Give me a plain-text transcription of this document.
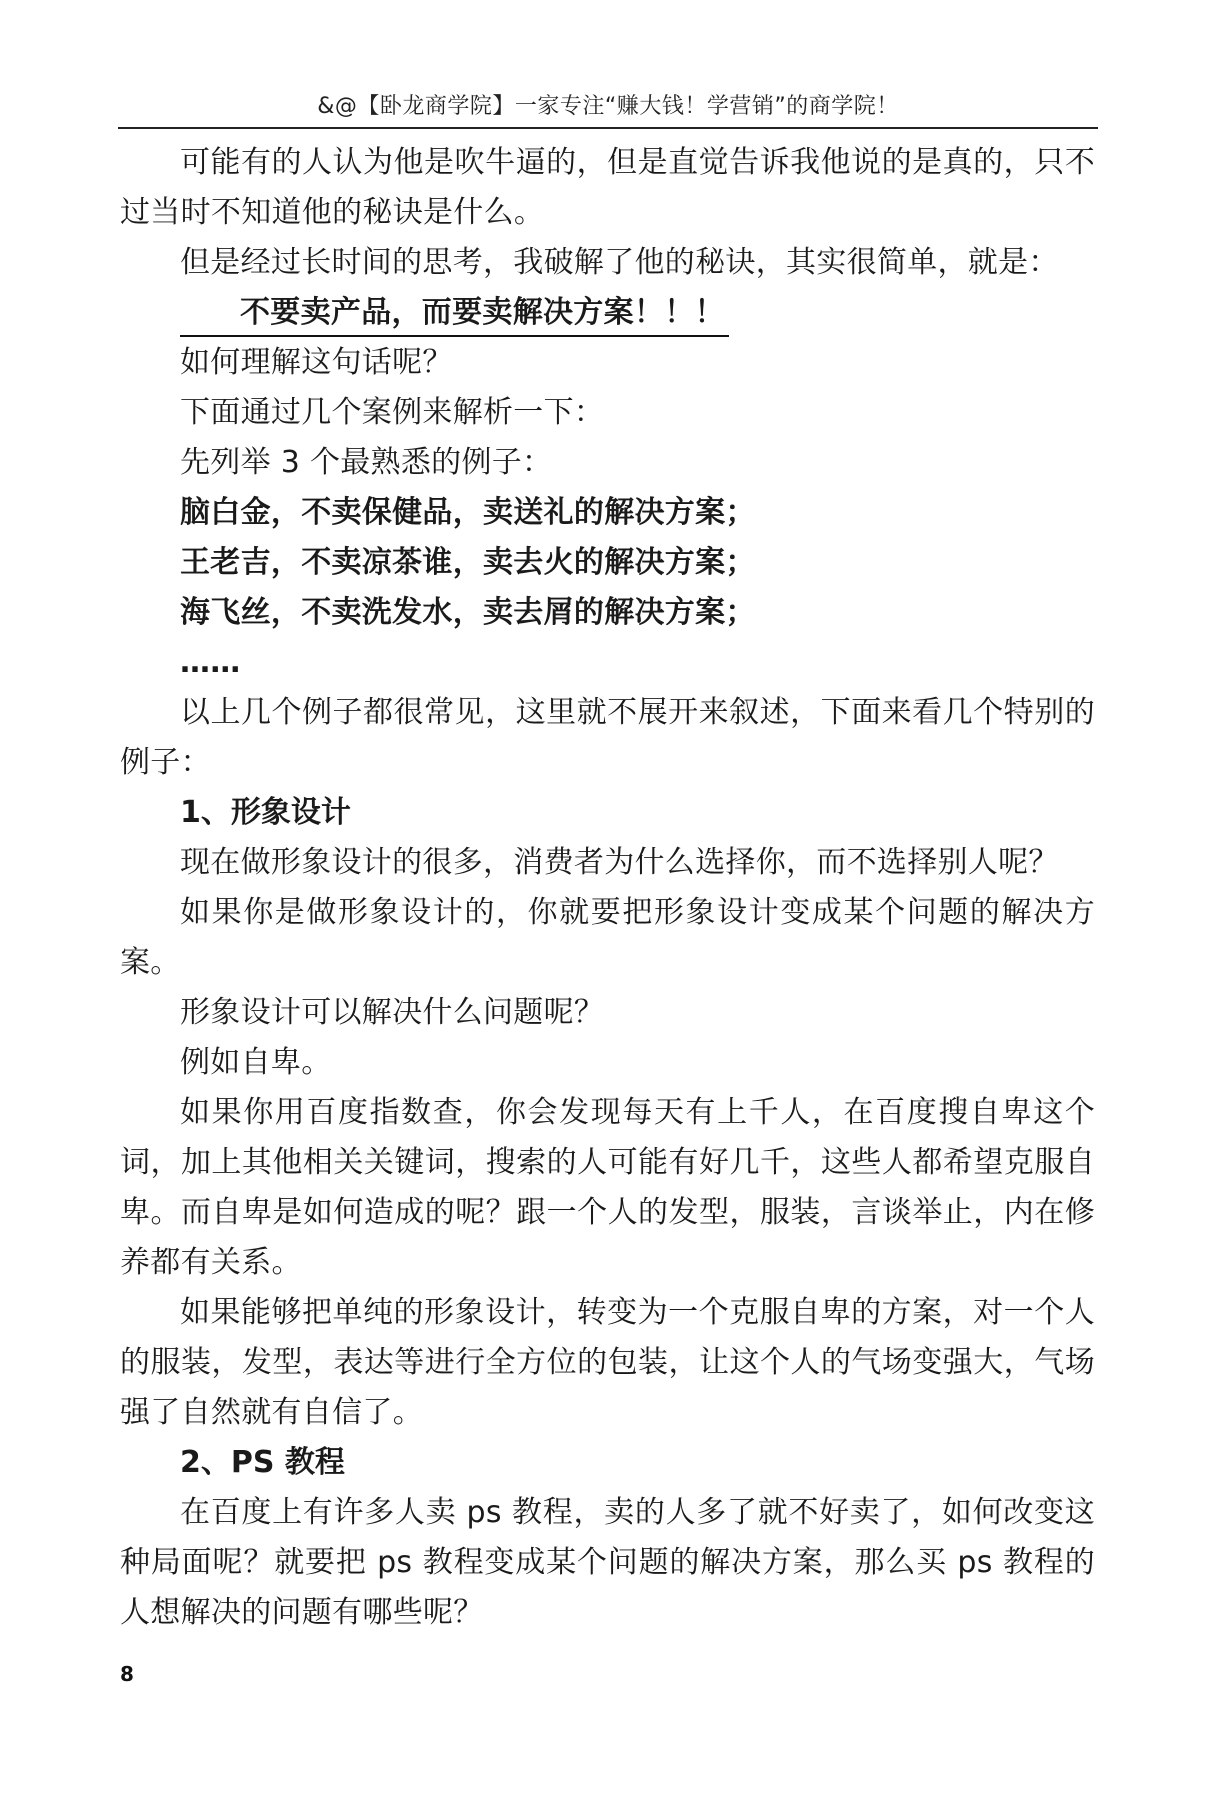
&@【卧龙商学院】一家专注“赚大钱！学营销”的商学院！

可能有的人认为他是吹牛逼的，但是直觉告诉我他说的是真的，只不过当时不知道他的秘诀是什么。

但是经过长时间的思考，我破解了他的秘诀，其实很简单，就是：

不要卖产品，而要卖解决方案！！！

如何理解这句话呢？

下面通过几个案例来解析一下：

先列举 3 个最熟悉的例子：

脑白金，不卖保健品，卖送礼的解决方案；

王老吉，不卖凉茶谁，卖去火的解决方案；

海飞丝，不卖洗发水，卖去屑的解决方案；

……

以上几个例子都很常见，这里就不展开来叙述，下面来看几个特别的例子：

1、形象设计

现在做形象设计的很多，消费者为什么选择你，而不选择别人呢？

如果你是做形象设计的，你就要把形象设计变成某个问题的解决方案。

形象设计可以解决什么问题呢？

例如自卑。

如果你用百度指数查，你会发现每天有上千人，在百度搜自卑这个词，加上其他相关关键词，搜索的人可能有好几千，这些人都希望克服自卑。而自卑是如何造成的呢？跟一个人的发型，服装，言谈举止，内在修养都有关系。

如果能够把单纯的形象设计，转变为一个克服自卑的方案，对一个人的服装，发型，表达等进行全方位的包装，让这个人的气场变强大，气场强了自然就有自信了。

2、PS 教程

在百度上有许多人卖 ps 教程，卖的人多了就不好卖了，如何改变这种局面呢？就要把 ps 教程变成某个问题的解决方案，那么买 ps 教程的人想解决的问题有哪些呢？

8
